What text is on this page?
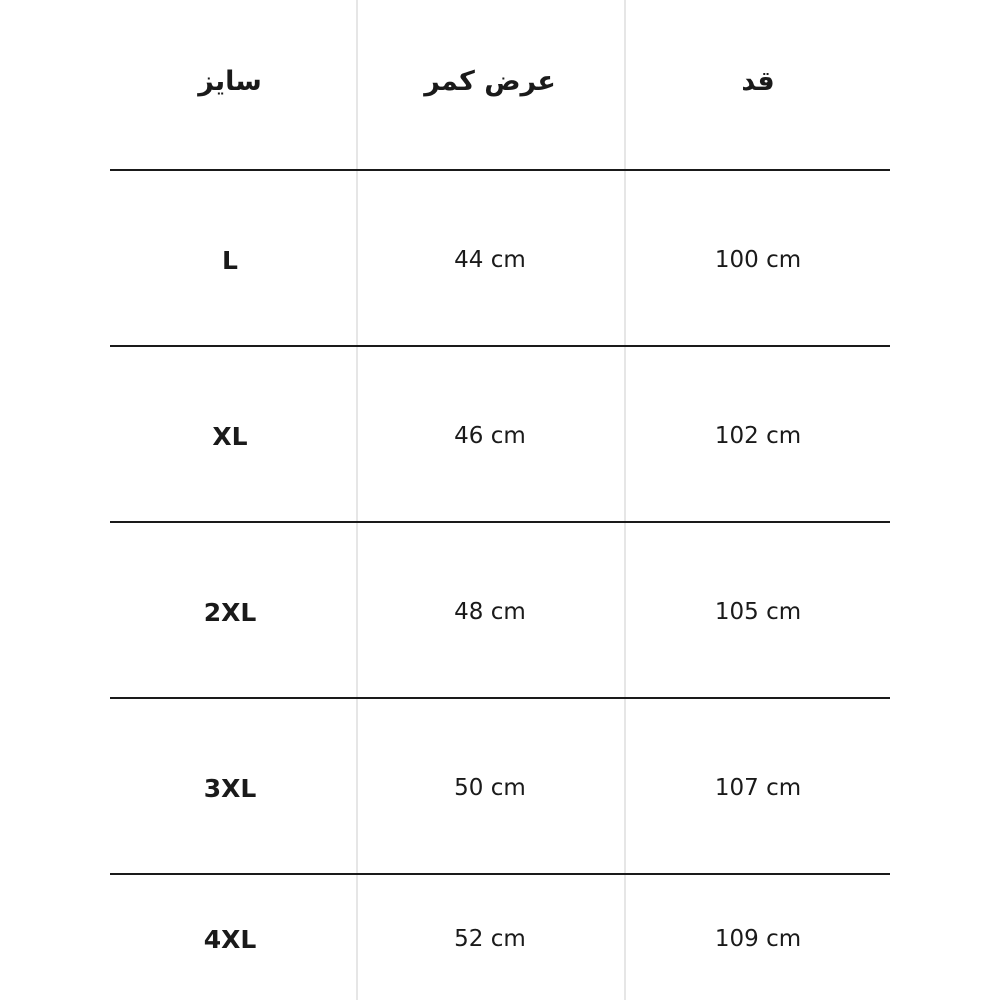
سایز	عرض کمر	قد
L	44 cm	100 cm
XL	46 cm	102 cm
2XL	48 cm	105 cm
3XL	50 cm	107 cm
4XL	52 cm	109 cm
